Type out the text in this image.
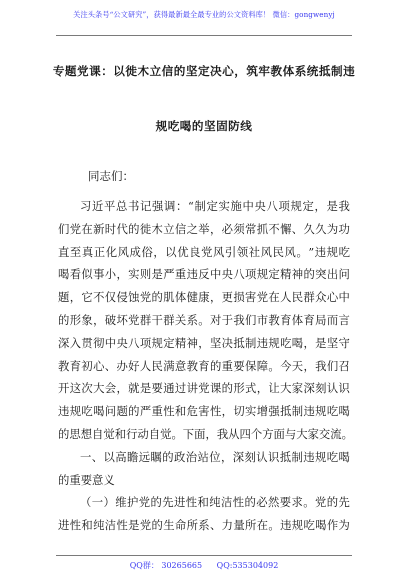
关注头条号“公文研究”，获得最新最全最专业的公文资料库！ 微信：gongwenyj
专题党课：以徙木立信的坚定决心，筑牢教体系统抵制违
规吃喝的坚固防线
同志们：
习 近 平 总 书 记 强 调 ： “ 制 定 实 施 中 央 八 项 规 定 ， 是 我
们 党 在 新 时 代 的 徙 木 立 信 之 举 ， 必 须 常 抓 不 懈 、 久 久 为 功
直 至 真 正 化 风 成 俗 ， 以 优 良 党 风 引 领 社 风 民 风 。 ” 违 规 吃
喝 看 似 事 小 ， 实 则 是 严 重 违 反 中 央 八 项 规 定 精 神 的 突 出 问
题 ， 它 不 仅 侵 蚀 党 的 肌 体 健 康 ， 更 损 害 党 在 人 民 群 众 心 中
的 形 象 ， 破 坏 党 群 干 群 关 系 。 对 于 我 们 市 教 育 体 育 局 而 言
深 入 贯 彻 中 央 八 项 规 定 精 神 ， 坚 决 抵 制 违 规 吃 喝 ， 是 坚 守
教 育 初 心 、 办 好 人 民 满 意 教 育 的 重 要 保 障 。 今 天 ， 我 们 召
开 这 次 大 会 ， 就 是 要 通 过 讲 党 课 的 形 式 ， 让 大 家 深 刻 认 识
违 规 吃 喝 问 题 的 严 重 性 和 危 害 性 ， 切 实 增 强 抵 制 违 规 吃 喝
的 思 想 自 觉 和 行 动 自 觉 。 下 面 ， 我 从 四 个 方 面 与 大 家 交 流 。
一 、 以 高 瞻 远 瞩 的 政 治 站 位 ， 深 刻 认 识 抵 制 违 规 吃 喝
的 重 要 意 义
（ 一 ） 维 护 党 的 先 进 性 和 纯 洁 性 的 必 然 要 求 。 党 的 先
进 性 和 纯 洁 性 是 党 的 生 命 所 系 、 力 量 所 在 。 违 规 吃 喝 作 为
QQ群： 30265665 QQ:535304092
